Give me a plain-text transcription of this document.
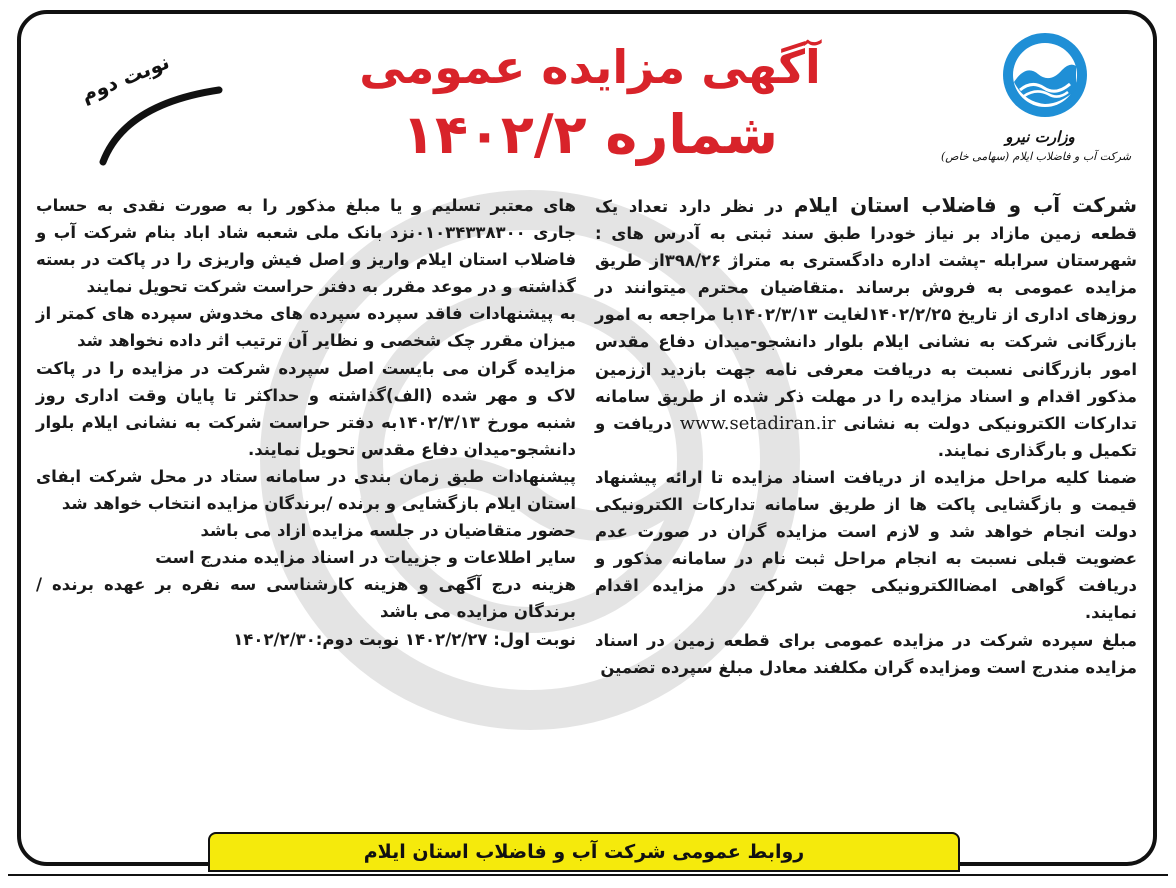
وزارت نیرو
شرکت آب و فاضلاب ایلام (سهامی خاص)
آگهی مزایده عمومی
شماره ۱۴۰۲/۲
نوبت دوم

شرکت آب و فاضلاب استان ایلام در نظر دارد تعداد یک قطعه زمین مازاد بر نیاز خودرا طبق سند ثبتی به آدرس های : شهرستان سرابله -پشت اداره دادگستری به متراژ ۳۹۸/۲۶از طریق مزایده عمومی به فروش برساند .متقاضیان محترم میتوانند در روزهای اداری از تاریخ ۱۴۰۲/۲/۲۵لغایت ۱۴۰۲/۳/۱۳با مراجعه به امور بازرگانی شرکت به نشانی ایلام بلوار دانشجو-میدان دفاع مقدس امور بازرگانی نسبت به دریافت معرفی نامه جهت بازدید اززمین مذکور اقدام و اسناد مزایده را در مهلت ذکر شده از طریق سامانه تدارکات الکترونیکی دولت به نشانی www.setadiran.ir دریافت و تکمیل و بارگذاری نمایند.

ضمنا کلیه مراحل مزایده از دریافت اسناد مزایده تا ارائه پیشنهاد قیمت و بازگشایی پاکت ها از طریق سامانه تدارکات الکترونیکی دولت انجام خواهد شد و لازم است مزایده گران در صورت عدم عضویت قبلی نسبت به انجام مراحل ثبت نام در سامانه مذکور و دریافت گواهی امضاالکترونیکی جهت شرکت در مزایده اقدام نمایند.

مبلغ سپرده شرکت در مزایده عمومی برای قطعه زمین در اسناد مزایده مندرج است ومزایده گران مکلفند معادل مبلغ سپرده تضمین

های معتبر تسلیم و یا مبلغ مذکور را به صورت نقدی به حساب جاری ۰۱۰۳۴۳۳۸۳۰۰نزد بانک ملی شعبه شاد اباد بنام شرکت آب و فاضلاب استان ایلام واریز و اصل فیش واریزی را در پاکت در بسته گذاشته و در موعد مقرر به دفتر حراست شرکت تحویل نمایند

به پیشنهادات فاقد سپرده سپرده های مخدوش سپرده های کمتر از میزان مقرر چک شخصی و نظایر آن ترتیب اثر داده نخواهد شد

مزایده گران می بایست اصل سپرده شرکت در مزایده را در پاکت لاک و مهر شده (الف)گذاشته و حداکثر تا پایان وقت اداری روز شنبه مورخ ۱۴۰۲/۳/۱۳به دفتر حراست شرکت به نشانی ایلام بلوار دانشجو-میدان دفاع مقدس تحویل نمایند.

پیشنهادات طبق زمان بندی در سامانه ستاد در محل شرکت ابفای استان ایلام بازگشایی و برنده /برندگان مزایده انتخاب خواهد شد

حضور متقاضیان در جلسه مزایده ازاد می باشد

سایر اطلاعات و جزییات در اسناد مزایده مندرج است

هزینه درج آگهی و هزینه کارشناسی سه نفره بر عهده برنده / برندگان مزایده می باشد

نوبت اول: ۱۴۰۲/۲/۲۷ نوبت دوم:۱۴۰۲/۲/۳۰

روابط عمومی شرکت آب و فاضلاب استان ایلام
